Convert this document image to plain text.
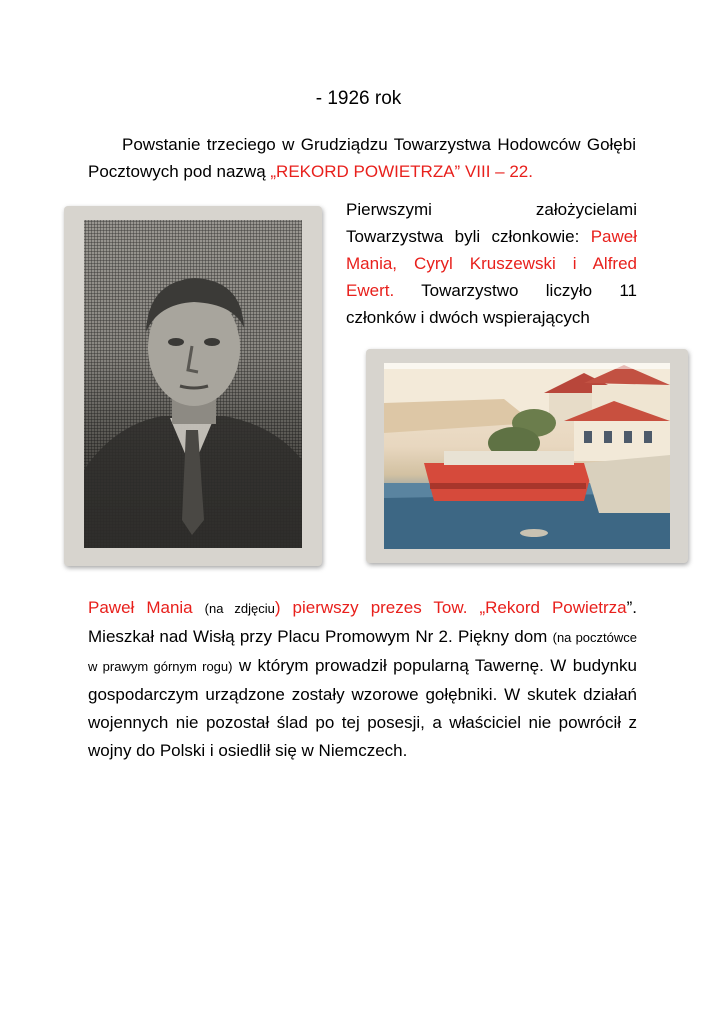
- 1926 rok

Powstanie trzeciego w Grudziądzu Towarzystwa Hodowców Gołębi Pocztowych pod nazwą „REKORD POWIETRZA” VIII – 22.

Pierwszymi założycielami Towarzystwa byli członkowie: Paweł Mania, Cyryl Kruszewski i Alfred Ewert. Towarzystwo liczyło 11 członków i dwóch wspierających

Paweł Mania (na zdjęciu) pierwszy prezes Tow. „Rekord Powietrza”. Mieszkał nad Wisłą przy Placu Promowym Nr 2. Piękny dom (na pocztówce w prawym górnym rogu) w którym prowadził popularną Tawernę. W budynku gospodarczym urządzone zostały wzorowe gołębniki. W skutek działań wojennych nie pozostał ślad po tej posesji, a właściciel nie powrócił z wojny do Polski i osiedlił się w Niemczech.
